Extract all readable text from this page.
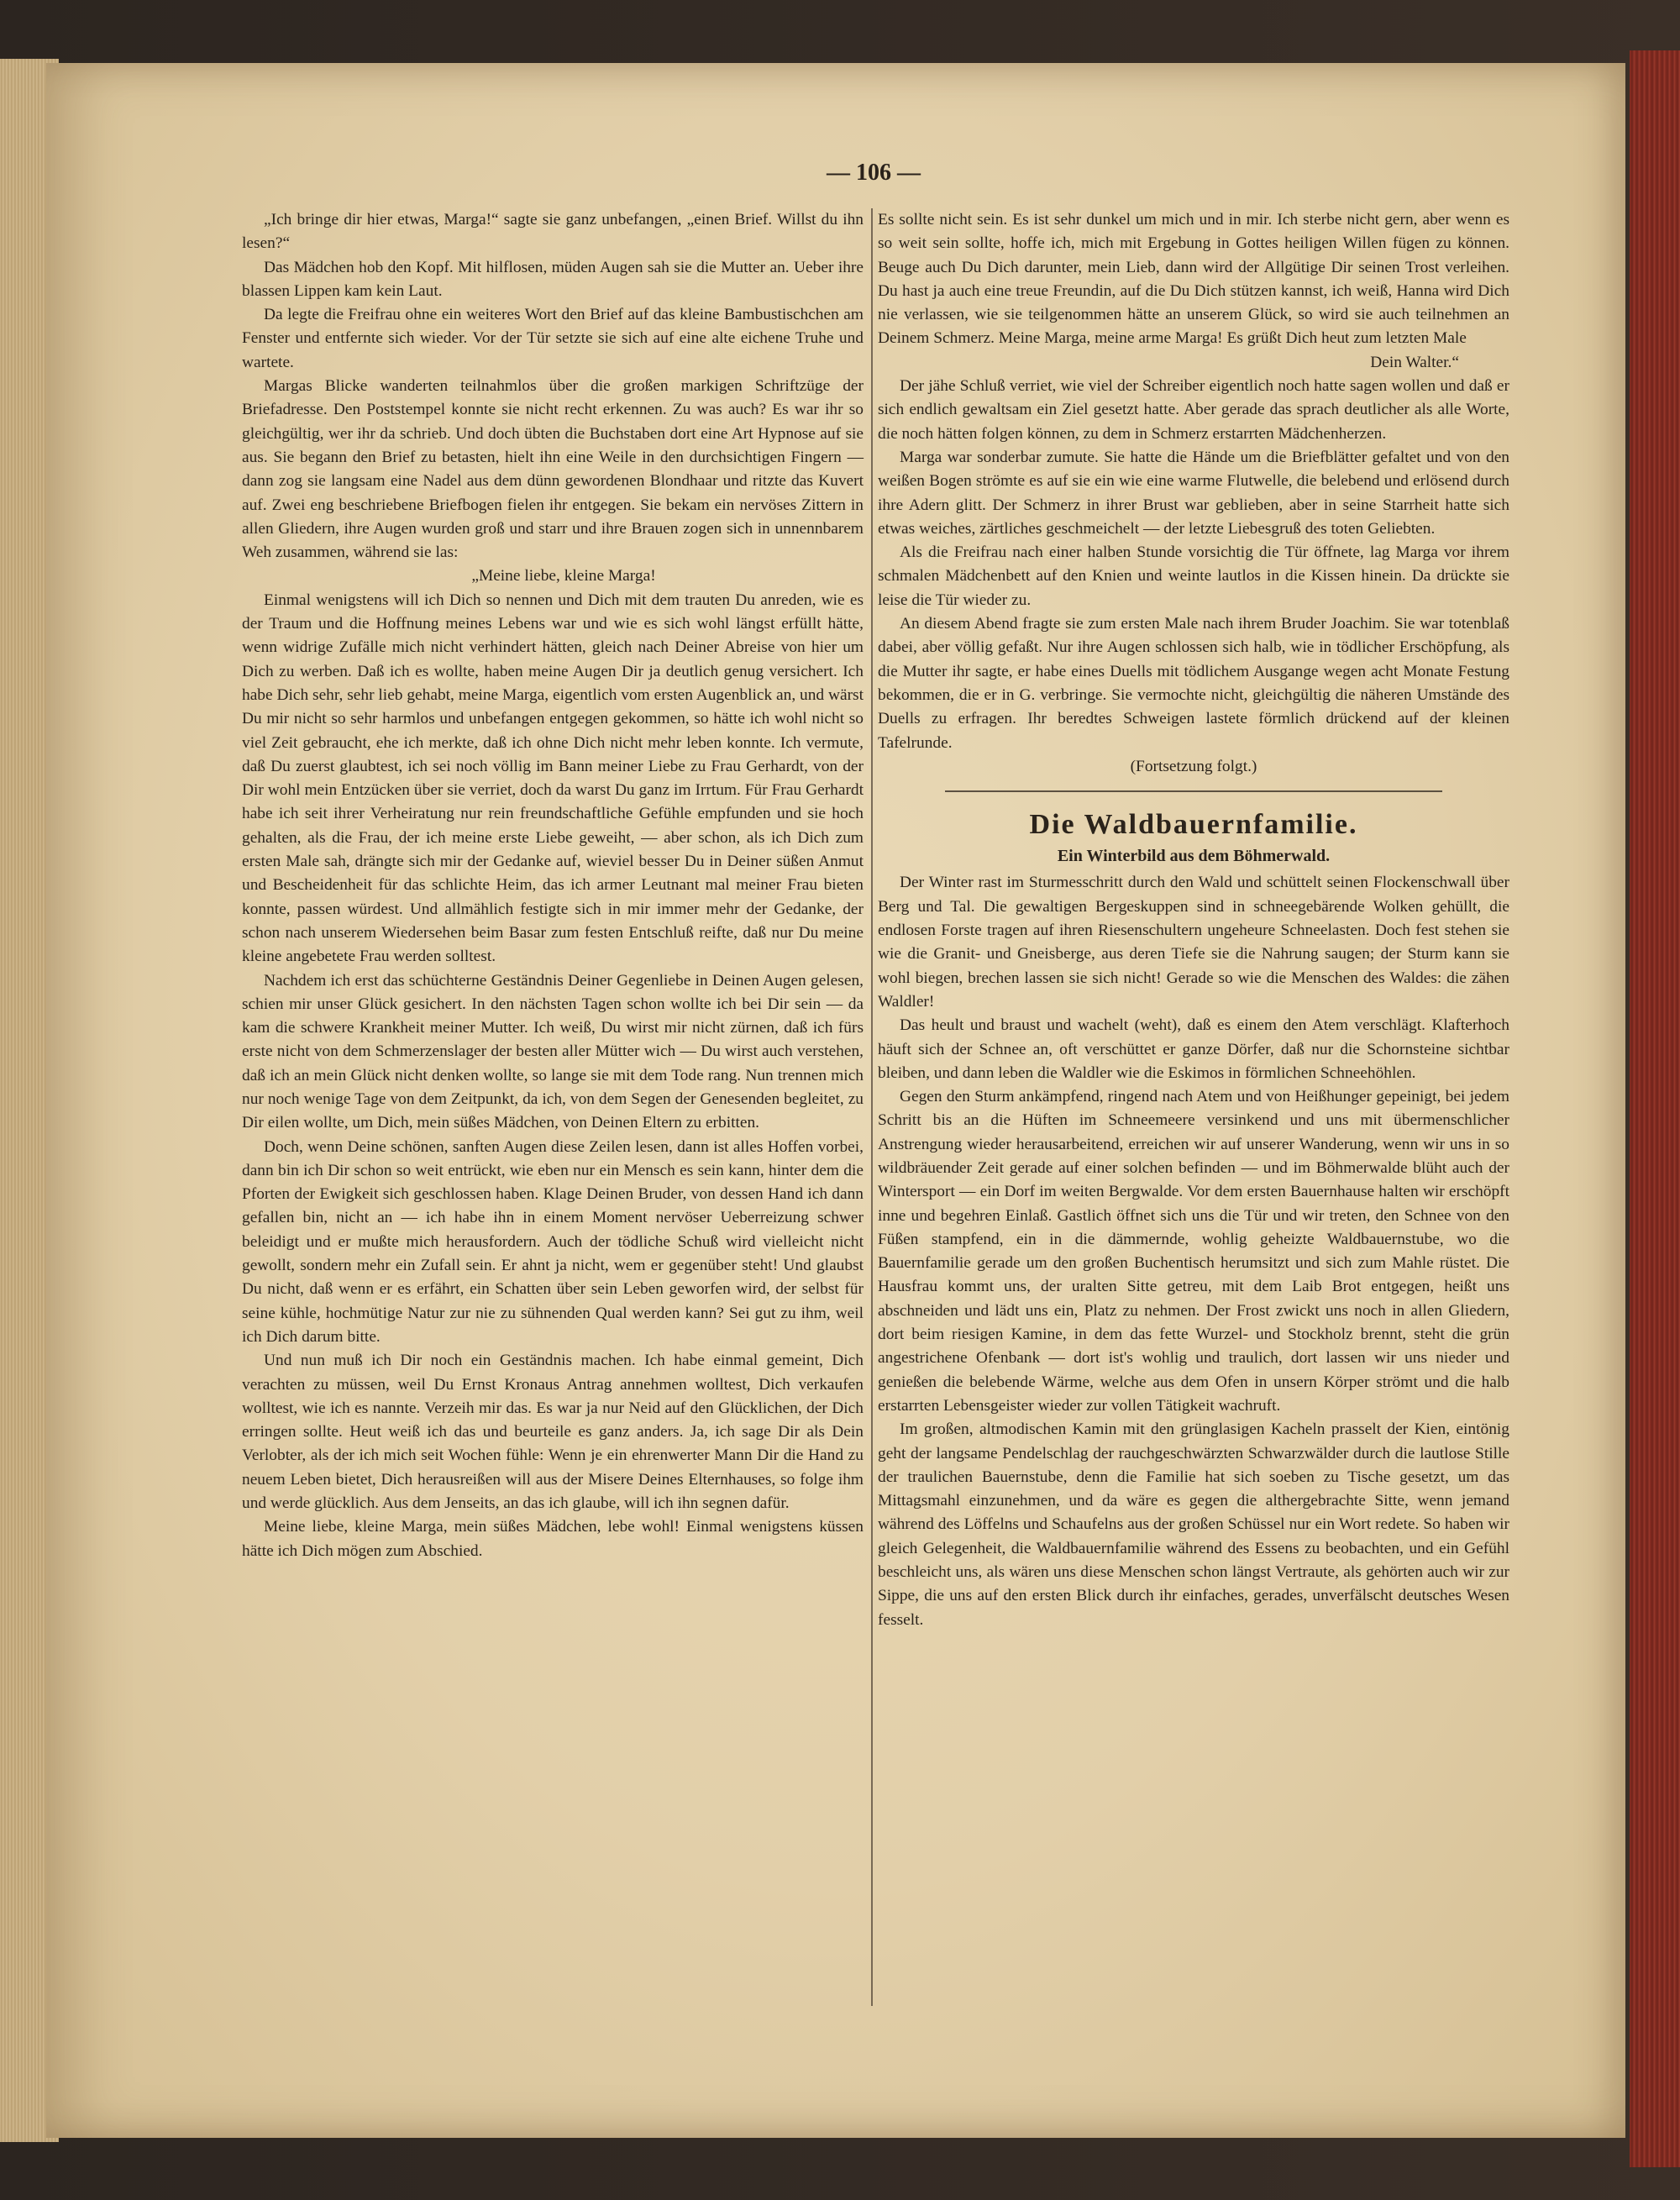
— 106 —

„Ich bringe dir hier etwas, Marga!“ sagte sie ganz unbefangen, „einen Brief. Willst du ihn lesen?“

Das Mädchen hob den Kopf. Mit hilflosen, müden Augen sah sie die Mutter an. Ueber ihre blassen Lippen kam kein Laut.

Da legte die Freifrau ohne ein weiteres Wort den Brief auf das kleine Bambustischchen am Fenster und entfernte sich wieder. Vor der Tür setzte sie sich auf eine alte eichene Truhe und wartete.

Margas Blicke wanderten teilnahmlos über die großen markigen Schriftzüge der Briefadresse. Den Poststempel konnte sie nicht recht erkennen. Zu was auch? Es war ihr so gleichgültig, wer ihr da schrieb. Und doch übten die Buchstaben dort eine Art Hypnose auf sie aus. Sie begann den Brief zu betasten, hielt ihn eine Weile in den durchsichtigen Fingern — dann zog sie langsam eine Nadel aus dem dünn gewordenen Blondhaar und ritzte das Kuvert auf. Zwei eng beschriebene Briefbogen fielen ihr entgegen. Sie bekam ein nervöses Zittern in allen Gliedern, ihre Augen wurden groß und starr und ihre Brauen zogen sich in unnennbarem Weh zusammen, während sie las:

„Meine liebe, kleine Marga!

Einmal wenigstens will ich Dich so nennen und Dich mit dem trauten Du anreden, wie es der Traum und die Hoffnung meines Lebens war und wie es sich wohl längst erfüllt hätte, wenn widrige Zufälle mich nicht verhindert hätten, gleich nach Deiner Abreise von hier um Dich zu werben. Daß ich es wollte, haben meine Augen Dir ja deutlich genug versichert. Ich habe Dich sehr, sehr lieb gehabt, meine Marga, eigentlich vom ersten Augenblick an, und wärst Du mir nicht so sehr harmlos und unbefangen entgegen gekommen, so hätte ich wohl nicht so viel Zeit gebraucht, ehe ich merkte, daß ich ohne Dich nicht mehr leben konnte. Ich vermute, daß Du zuerst glaubtest, ich sei noch völlig im Bann meiner Liebe zu Frau Gerhardt, von der Dir wohl mein Entzücken über sie verriet, doch da warst Du ganz im Irrtum. Für Frau Gerhardt habe ich seit ihrer Verheiratung nur rein freundschaftliche Gefühle empfunden und sie hoch gehalten, als die Frau, der ich meine erste Liebe geweiht, — aber schon, als ich Dich zum ersten Male sah, drängte sich mir der Gedanke auf, wieviel besser Du in Deiner süßen Anmut und Bescheidenheit für das schlichte Heim, das ich armer Leutnant mal meiner Frau bieten konnte, passen würdest. Und allmählich festigte sich in mir immer mehr der Gedanke, der schon nach unserem Wiedersehen beim Basar zum festen Entschluß reifte, daß nur Du meine kleine angebetete Frau werden solltest.

Nachdem ich erst das schüchterne Geständnis Deiner Gegenliebe in Deinen Augen gelesen, schien mir unser Glück gesichert. In den nächsten Tagen schon wollte ich bei Dir sein — da kam die schwere Krankheit meiner Mutter. Ich weiß, Du wirst mir nicht zürnen, daß ich fürs erste nicht von dem Schmerzenslager der besten aller Mütter wich — Du wirst auch verstehen, daß ich an mein Glück nicht denken wollte, so lange sie mit dem Tode rang. Nun trennen mich nur noch wenige Tage von dem Zeitpunkt, da ich, von dem Segen der Genesenden begleitet, zu Dir eilen wollte, um Dich, mein süßes Mädchen, von Deinen Eltern zu erbitten.

Doch, wenn Deine schönen, sanften Augen diese Zeilen lesen, dann ist alles Hoffen vorbei, dann bin ich Dir schon so weit entrückt, wie eben nur ein Mensch es sein kann, hinter dem die Pforten der Ewigkeit sich geschlossen haben. Klage Deinen Bruder, von dessen Hand ich dann gefallen bin, nicht an — ich habe ihn in einem Moment nervöser Ueberreizung schwer beleidigt und er mußte mich herausfordern. Auch der tödliche Schuß wird vielleicht nicht gewollt, sondern mehr ein Zufall sein. Er ahnt ja nicht, wem er gegenüber steht! Und glaubst Du nicht, daß wenn er es erfährt, ein Schatten über sein Leben geworfen wird, der selbst für seine kühle, hochmütige Natur zur nie zu sühnenden Qual werden kann? Sei gut zu ihm, weil ich Dich darum bitte.

Und nun muß ich Dir noch ein Geständnis machen. Ich habe einmal gemeint, Dich verachten zu müssen, weil Du Ernst Kronaus Antrag annehmen wolltest, Dich verkaufen wolltest, wie ich es nannte. Verzeih mir das. Es war ja nur Neid auf den Glücklichen, der Dich erringen sollte. Heut weiß ich das und beurteile es ganz anders. Ja, ich sage Dir als Dein Verlobter, als der ich mich seit Wochen fühle: Wenn je ein ehrenwerter Mann Dir die Hand zu neuem Leben bietet, Dich herausreißen will aus der Misere Deines Elternhauses, so folge ihm und werde glücklich. Aus dem Jenseits, an das ich glaube, will ich ihn segnen dafür.

Meine liebe, kleine Marga, mein süßes Mädchen, lebe wohl! Einmal wenigstens küssen hätte ich Dich mögen zum Abschied.

Es sollte nicht sein. Es ist sehr dunkel um mich und in mir. Ich sterbe nicht gern, aber wenn es so weit sein sollte, hoffe ich, mich mit Ergebung in Gottes heiligen Willen fügen zu können. Beuge auch Du Dich darunter, mein Lieb, dann wird der Allgütige Dir seinen Trost verleihen. Du hast ja auch eine treue Freundin, auf die Du Dich stützen kannst, ich weiß, Hanna wird Dich nie verlassen, wie sie teilgenommen hätte an unserem Glück, so wird sie auch teilnehmen an Deinem Schmerz. Meine Marga, meine arme Marga! Es grüßt Dich heut zum letzten Male

Dein Walter.“

Der jähe Schluß verriet, wie viel der Schreiber eigentlich noch hatte sagen wollen und daß er sich endlich gewaltsam ein Ziel gesetzt hatte. Aber gerade das sprach deutlicher als alle Worte, die noch hätten folgen können, zu dem in Schmerz erstarrten Mädchenherzen.

Marga war sonderbar zumute. Sie hatte die Hände um die Briefblätter gefaltet und von den weißen Bogen strömte es auf sie ein wie eine warme Flutwelle, die belebend und erlösend durch ihre Adern glitt. Der Schmerz in ihrer Brust war geblieben, aber in seine Starrheit hatte sich etwas weiches, zärtliches geschmeichelt — der letzte Liebesgruß des toten Geliebten.

Als die Freifrau nach einer halben Stunde vorsichtig die Tür öffnete, lag Marga vor ihrem schmalen Mädchenbett auf den Knien und weinte lautlos in die Kissen hinein. Da drückte sie leise die Tür wieder zu.

An diesem Abend fragte sie zum ersten Male nach ihrem Bruder Joachim. Sie war totenblaß dabei, aber völlig gefaßt. Nur ihre Augen schlossen sich halb, wie in tödlicher Erschöpfung, als die Mutter ihr sagte, er habe eines Duells mit tödlichem Ausgange wegen acht Monate Festung bekommen, die er in G. verbringe. Sie vermochte nicht, gleichgültig die näheren Umstände des Duells zu erfragen. Ihr beredtes Schweigen lastete förmlich drückend auf der kleinen Tafelrunde.

(Fortsetzung folgt.)

Die Waldbauernfamilie.
Ein Winterbild aus dem Böhmerwald.

Der Winter rast im Sturmesschritt durch den Wald und schüttelt seinen Flockenschwall über Berg und Tal. Die gewaltigen Bergeskuppen sind in schneegebärende Wolken gehüllt, die endlosen Forste tragen auf ihren Riesenschultern ungeheure Schneelasten. Doch fest stehen sie wie die Granit- und Gneisberge, aus deren Tiefe sie die Nahrung saugen; der Sturm kann sie wohl biegen, brechen lassen sie sich nicht! Gerade so wie die Menschen des Waldes: die zähen Waldler!

Das heult und braust und wachelt (weht), daß es einem den Atem verschlägt. Klafterhoch häuft sich der Schnee an, oft verschüttet er ganze Dörfer, daß nur die Schornsteine sichtbar bleiben, und dann leben die Waldler wie die Eskimos in förmlichen Schneehöhlen.

Gegen den Sturm ankämpfend, ringend nach Atem und von Heißhunger gepeinigt, bei jedem Schritt bis an die Hüften im Schneemeere versinkend und uns mit übermenschlicher Anstrengung wieder herausarbeitend, erreichen wir auf unserer Wanderung, wenn wir uns in so wildbräuender Zeit gerade auf einer solchen befinden — und im Böhmerwalde blüht auch der Wintersport — ein Dorf im weiten Bergwalde. Vor dem ersten Bauernhause halten wir erschöpft inne und begehren Einlaß. Gastlich öffnet sich uns die Tür und wir treten, den Schnee von den Füßen stampfend, ein in die dämmernde, wohlig geheizte Waldbauernstube, wo die Bauernfamilie gerade um den großen Buchentisch herumsitzt und sich zum Mahle rüstet. Die Hausfrau kommt uns, der uralten Sitte getreu, mit dem Laib Brot entgegen, heißt uns abschneiden und lädt uns ein, Platz zu nehmen. Der Frost zwickt uns noch in allen Gliedern, dort beim riesigen Kamine, in dem das fette Wurzel- und Stockholz brennt, steht die grün angestrichene Ofenbank — dort ist's wohlig und traulich, dort lassen wir uns nieder und genießen die belebende Wärme, welche aus dem Ofen in unsern Körper strömt und die halb erstarrten Lebensgeister wieder zur vollen Tätigkeit wachruft.

Im großen, altmodischen Kamin mit den grünglasigen Kacheln prasselt der Kien, eintönig geht der langsame Pendelschlag der rauchgeschwärzten Schwarzwälder durch die lautlose Stille der traulichen Bauernstube, denn die Familie hat sich soeben zu Tische gesetzt, um das Mittagsmahl einzunehmen, und da wäre es gegen die althergebrachte Sitte, wenn jemand während des Löffelns und Schaufelns aus der großen Schüssel nur ein Wort redete. So haben wir gleich Gelegenheit, die Waldbauernfamilie während des Essens zu beobachten, und ein Gefühl beschleicht uns, als wären uns diese Menschen schon längst Vertraute, als gehörten auch wir zur Sippe, die uns auf den ersten Blick durch ihr einfaches, gerades, unverfälscht deutsches Wesen fesselt.
